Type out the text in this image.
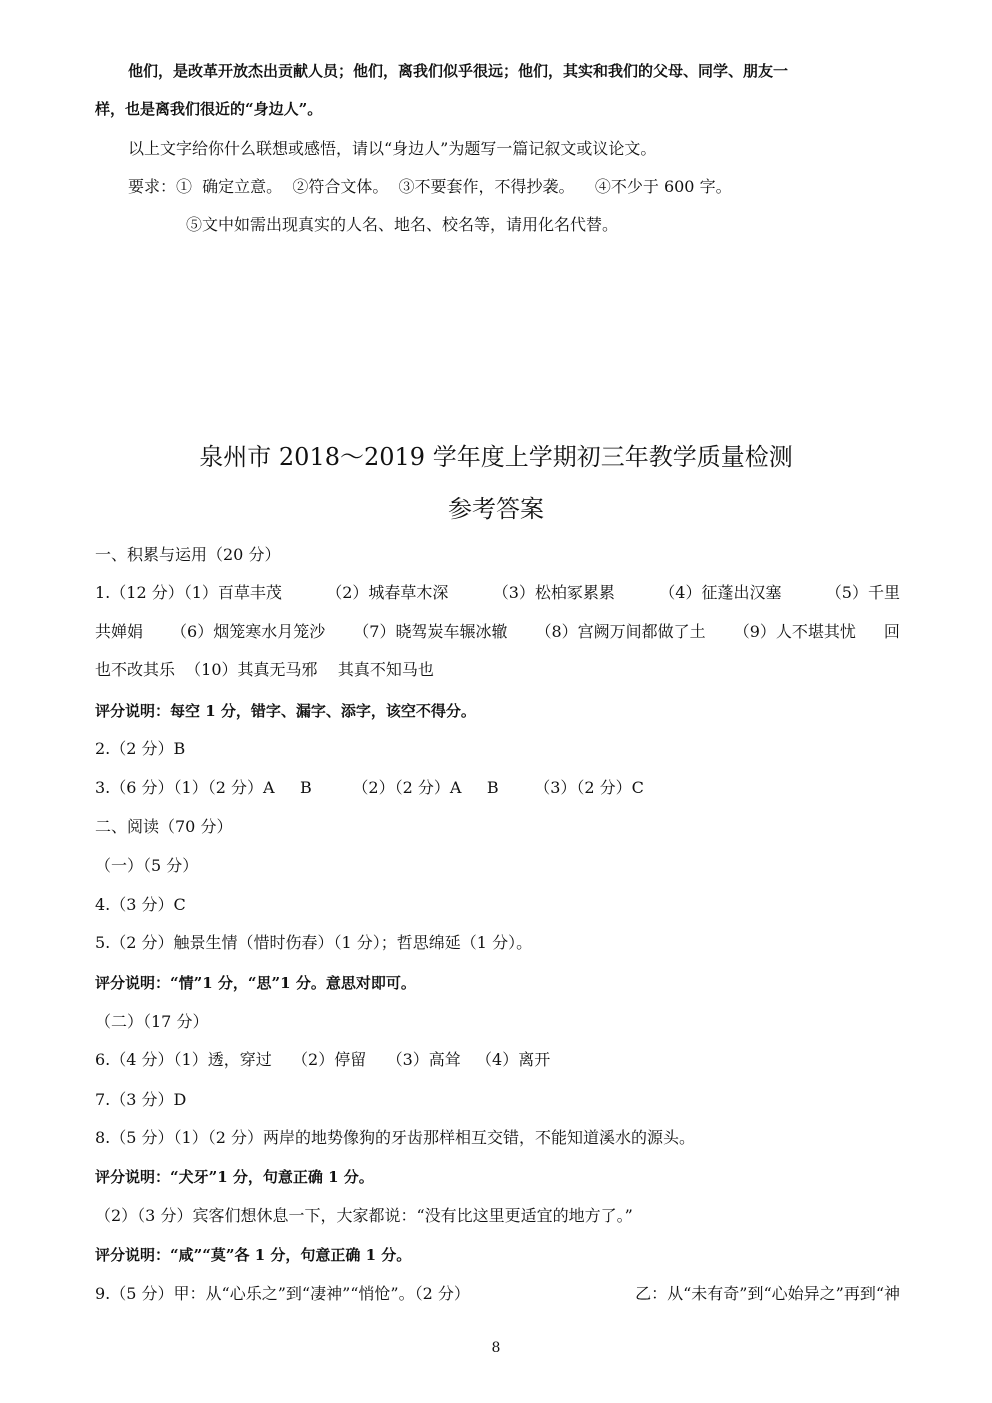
他们，是改革开放杰出贡献人员；他们，离我们似乎很远；他们，其实和我们的父母、同学、朋友一
样，也是离我们很近的“身边人”。
以上文字给你什么联想或感悟，请以“身边人”为题写一篇记叙文或议论文。
要求：①  确定立意。  ②符合文体。  ③不要套作，不得抄袭。    ④不少于 600 字。
⑤文中如需出现真实的人名、地名、校名等，请用化名代替。
泉州市 2018～2019 学年度上学期初三年教学质量检测
参考答案
一、积累与运用（20 分）
1.（12 分）（1）百草丰茂	（2）城春草木深	（3）松柏冢累累	（4）征蓬出汉塞	（5）千里
共婵娟 （6）烟笼寒水月笼沙 （7）晓驾炭车辗冰辙 （8）宫阙万间都做了土 （9）人不堪其忧 回
也不改其乐  （10）其真无马邪    其真不知马也
评分说明：每空 1 分，错字、漏字、添字，该空不得分。
2.（2 分）B
3.（6 分）（1）（2 分）A     B        （2）（2 分）A     B       （3）（2 分）C
二、阅读（70 分）
（一）（5 分）
4.（3 分）C
5.（2 分）触景生情（惜时伤春）（1 分）；哲思绵延（1 分）。
评分说明：“情”1 分，“思”1 分。意思对即可。
（二）（17 分）
6.（4 分）（1）透，穿过    （2）停留    （3）高耸   （4）离开
7.（3 分）D
8.（5 分）（1）（2 分）两岸的地势像狗的牙齿那样相互交错，不能知道溪水的源头。
评分说明：“犬牙”1 分，句意正确 1 分。
（2）（3 分）宾客们想休息一下，大家都说：“没有比这里更适宜的地方了。”
评分说明：“咸”“莫”各 1 分，句意正确 1 分。
9.（5 分）甲：从“心乐之”到“凄神”“悄怆”。（2 分）	乙：从“未有奇”到“心始异之”再到“神
8
